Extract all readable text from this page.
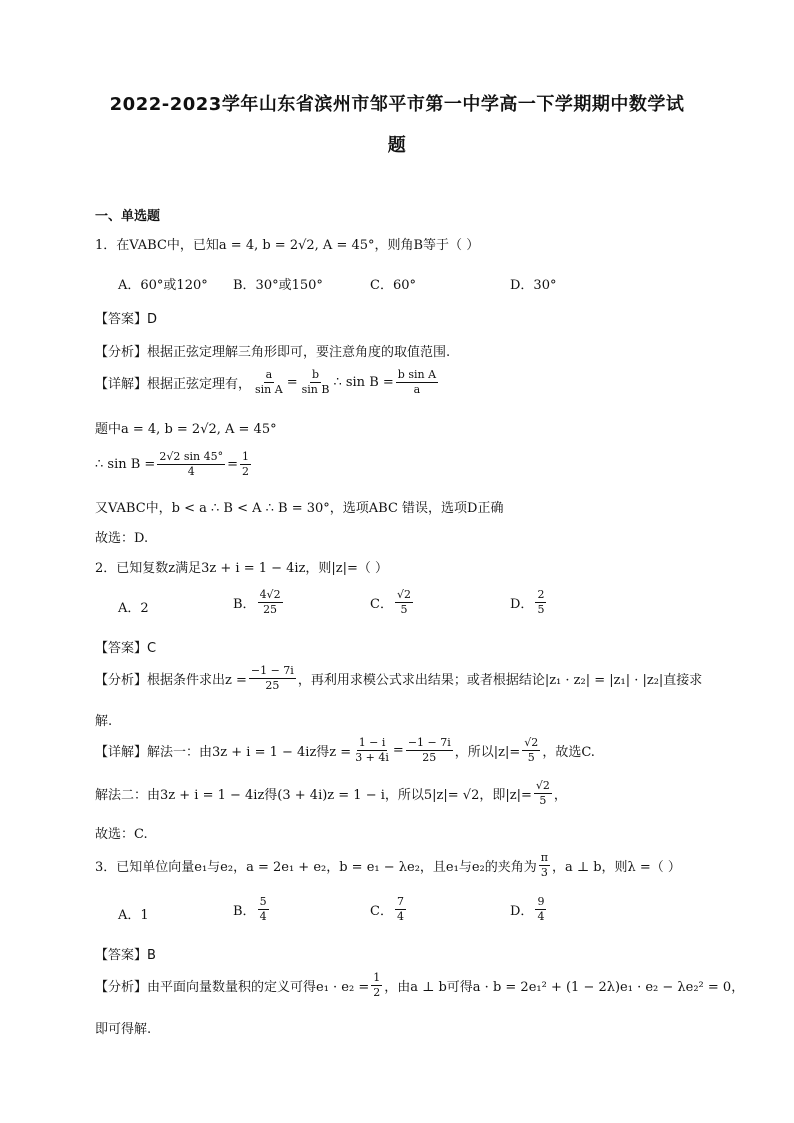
2022-2023学年山东省滨州市邹平市第一中学高一下学期期中数学试
题
一、单选题
1．在VABC中，已知a = 4, b = 2√2, A = 45°，则角B等于（ ）
A．60°或120° B．30°或150°	C．60°	D．30°
【答案】D
【分析】根据正弦定理解三角形即可，要注意角度的取值范围.
【详解】根据正弦定理有， $\frac{a}{\text{sin A}} = \frac{b}{\text{sin B}}$ ∴ $\sin B = \frac{\text{b sin A}}{a}$
题中a = 4, b = 2√2, A = 45°
∴ $\sin B = \frac{2√2 \sin 45^\circ}{4} = \frac{1}{2}$
又VABC中，b < a ∴ B < A ∴ B = 30°，选项ABC 错误，选项D正确
故选：D.
2．已知复数z满足3z + i = 1 − 4iz，则|z|=（ ）
A．2	B． $\frac{4√2}{25}$	C． $\frac{√2}{5}$	D． $\frac{2}{5}$
【答案】C
【分析】根据条件求出$z = \frac{-1 - 7i}{25}$ ，再利用求模公式求出结果；或者根据结论|z₁ · z₂| = |z₁| · |z₂|直接求
解.
【详解】解法一：由3z + i = 1 − 4iz得$z = \frac{1 - i}{3 + 4i} = \frac{-1 - 7i}{25}$ ，所以$|z|= \frac{√2}{5}$ ，故选C.
解法二：由3z + i = 1 − 4iz得(3 + 4i)z = 1 − i，所以5|z|= √2，即$|z|= \frac{√2}{5}$ ，
故选：C.
3．已知单位向量e₁与e₂，a = 2e₁ + e₂，b = e₁ − λe₂，且e₁与e₂的夹角为 $\frac{\pi}{3}$ ，a ⊥ b，则λ =（ ）
A．1	B． $\frac{5}{4}$	C． $\frac{7}{4}$	D． $\frac{9}{4}$
【答案】B
【分析】由平面向量数量积的定义可得$e_1 \cdot e_2 = \frac{1}{2}$ ，由a ⊥ b可得a · b = 2e₁² + (1 − 2λ)e₁ · e₂ − λe₂² = 0，
即可得解.
